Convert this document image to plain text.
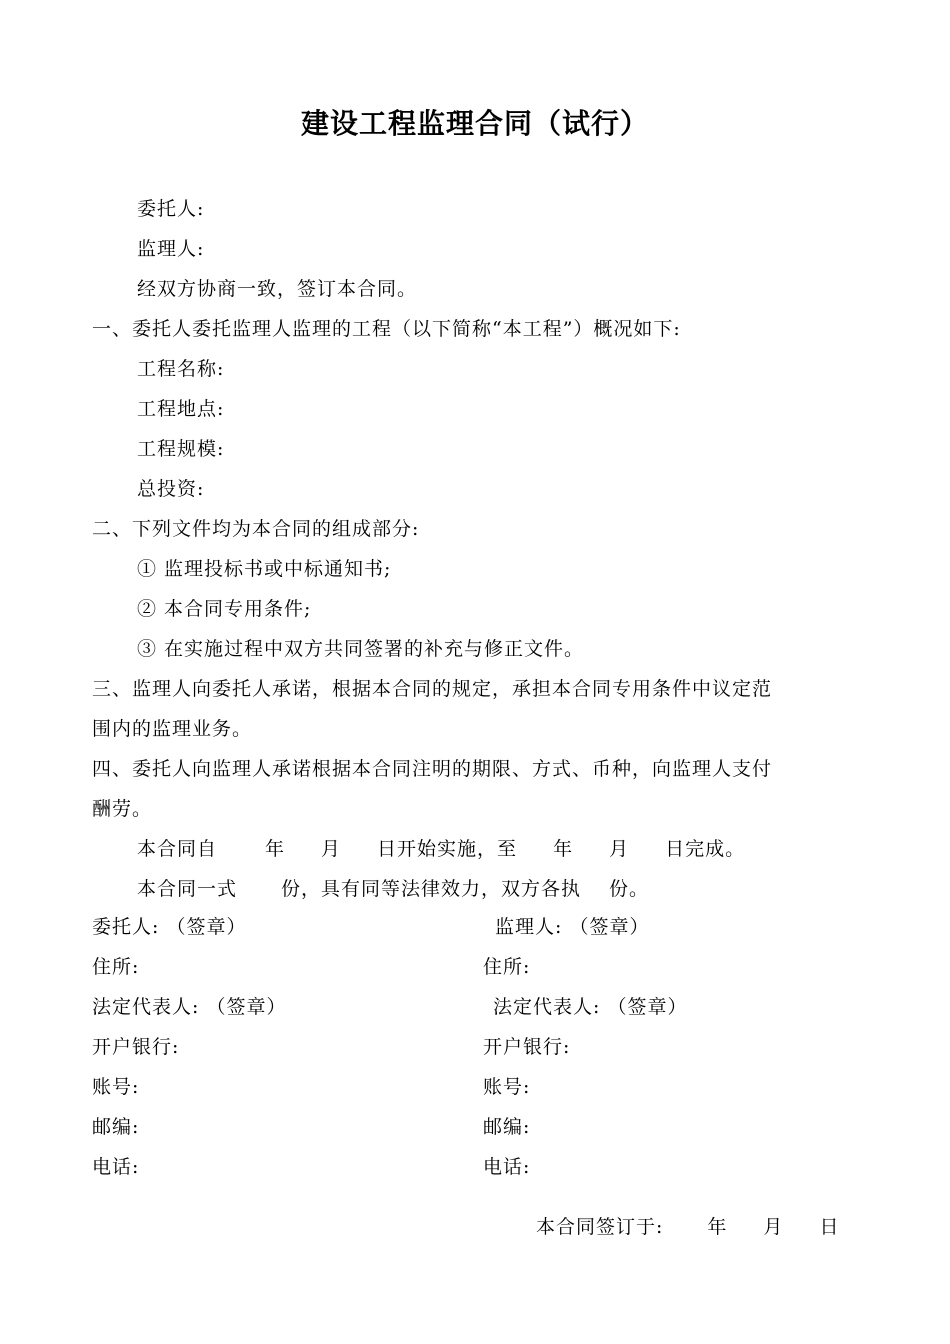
建设工程监理合同（试行）
委托人:
监理人:
经双方协商一致，签订本合同。
一、委托人委托监理人监理的工程（以下简称“本工程”）概况如下:
工程名称:
工程地点:
工程规模:
总投资:
二、下列文件均为本合同的组成部分:
① 监理投标书或中标通知书;
② 本合同专用条件;
③ 在实施过程中双方共同签署的补充与修正文件。
三、监理人向委托人承诺，根据本合同的规定，承担本合同专用条件中议定范
围内的监理业务。
四、委托人向监理人承诺根据本合同注明的期限、方式、币种，向监理人支付
酬劳。
本合同自	年 月 日开始实施，至 年 月 日完成。
本合同一式 份，具有同等法律效力，双方各执 份。
委托人: （签章）
住所:
法定代表人: （签章）
开户银行:
账号:
邮编:
电话:
监理人: （签章）
住所:
法定代表人: （签章）
开户银行:
账号:
邮编:
电话:
本合同签订于: 年 月 日
